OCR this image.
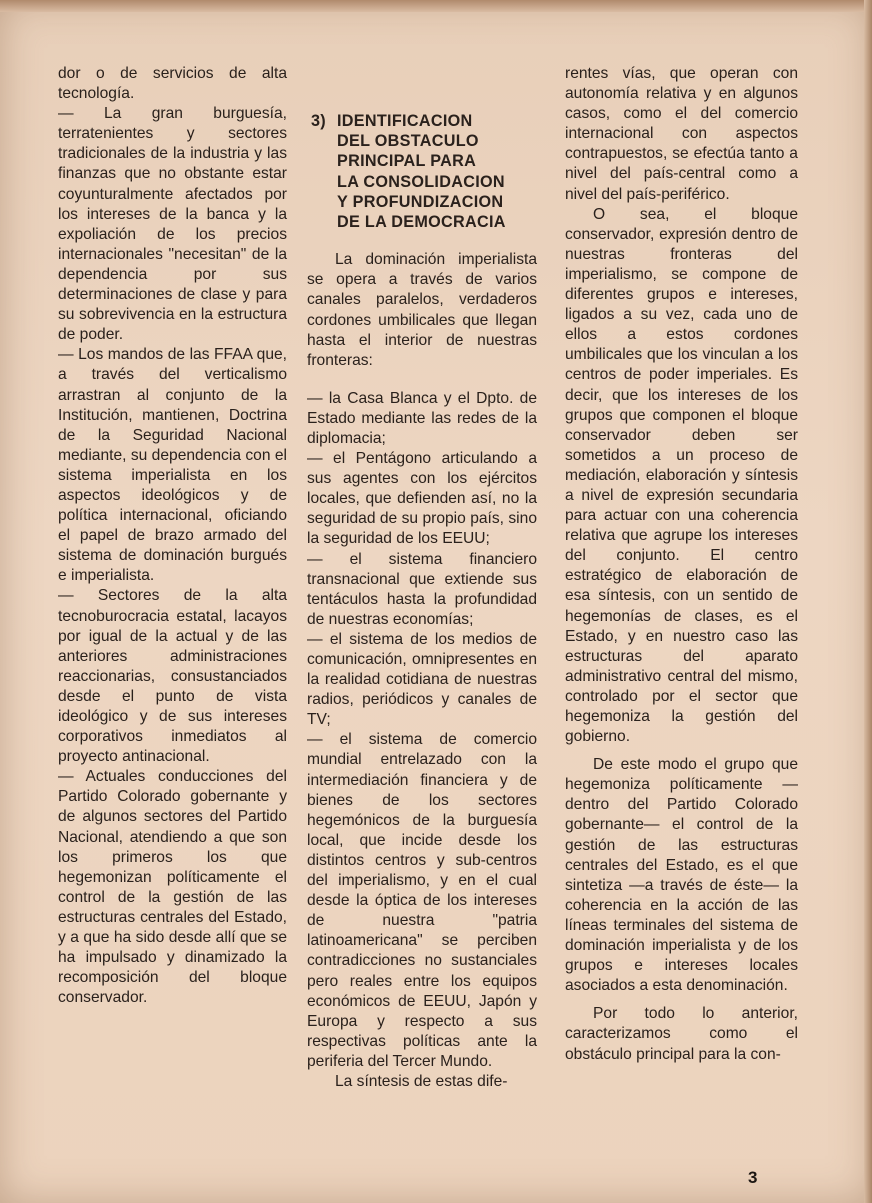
dor o de servicios de alta tecnología.

— La gran burguesía, terratenientes y sectores tradicionales de la industria y las finanzas que no obstante estar coyunturalmente afectados por los intereses de la banca y la expoliación de los precios internacionales "necesitan" de la dependencia por sus determinaciones de clase y para su sobrevivencia en la estructura de poder.

— Los mandos de las FFAA que, a través del verticalismo arrastran al conjunto de la Institución, mantienen, Doctrina de la Seguridad Nacional mediante, su dependencia con el sistema imperialista en los aspectos ideológicos y de política internacional, oficiando el papel de brazo armado del sistema de dominación burgués e imperialista.

— Sectores de la alta tecnoburocracia estatal, lacayos por igual de la actual y de las anteriores administraciones reaccionarias, consustanciados desde el punto de vista ideológico y de sus intereses corporativos inmediatos al proyecto antinacional.

— Actuales conducciones del Partido Colorado gobernante y de algunos sectores del Partido Nacional, atendiendo a que son los primeros los que hegemonizan políticamente el control de la gestión de las estructuras centrales del Estado, y a que ha sido desde allí que se ha impulsado y dinamizado la recomposición del bloque conservador.

3) IDENTIFICACION
DEL OBSTACULO
PRINCIPAL PARA
LA CONSOLIDACION
Y PROFUNDIZACION
DE LA DEMOCRACIA

La dominación imperialista se opera a través de varios canales paralelos, verdaderos cordones umbilicales que llegan hasta el interior de nuestras fronteras:

— la Casa Blanca y el Dpto. de Estado mediante las redes de la diplomacia;

— el Pentágono articulando a sus agentes con los ejércitos locales, que defienden así, no la seguridad de su propio país, sino la seguridad de los EEUU;

— el sistema financiero transnacional que extiende sus tentáculos hasta la profundidad de nuestras economías;

— el sistema de los medios de comunicación, omnipresentes en la realidad cotidiana de nuestras radios, periódicos y canales de TV;

— el sistema de comercio mundial entrelazado con la intermediación financiera y de bienes de los sectores hegemónicos de la burguesía local, que incide desde los distintos centros y sub-centros del imperialismo, y en el cual desde la óptica de los intereses de nuestra "patria latinoamericana" se perciben contradicciones no sustanciales pero reales entre los equipos económicos de EEUU, Japón y Europa y respecto a sus respectivas políticas ante la periferia del Tercer Mundo.

La síntesis de estas dife-

rentes vías, que operan con autonomía relativa y en algunos casos, como el del comercio internacional con aspectos contrapuestos, se efectúa tanto a nivel del país-central como a nivel del país-periférico.

O sea, el bloque conservador, expresión dentro de nuestras fronteras del imperialismo, se compone de diferentes grupos e intereses, ligados a su vez, cada uno de ellos a estos cordones umbilicales que los vinculan a los centros de poder imperiales. Es decir, que los intereses de los grupos que componen el bloque conservador deben ser sometidos a un proceso de mediación, elaboración y síntesis a nivel de expresión secundaria para actuar con una coherencia relativa que agrupe los intereses del conjunto. El centro estratégico de elaboración de esa síntesis, con un sentido de hegemonías de clases, es el Estado, y en nuestro caso las estructuras del aparato administrativo central del mismo, controlado por el sector que hegemoniza la gestión del gobierno.

De este modo el grupo que hegemoniza políticamente —dentro del Partido Colorado gobernante— el control de la gestión de las estructuras centrales del Estado, es el que sintetiza —a través de éste— la coherencia en la acción de las líneas terminales del sistema de dominación imperialista y de los grupos e intereses locales asociados a esta denominación.

Por todo lo anterior, caracterizamos como el obstáculo principal para la con-

3
